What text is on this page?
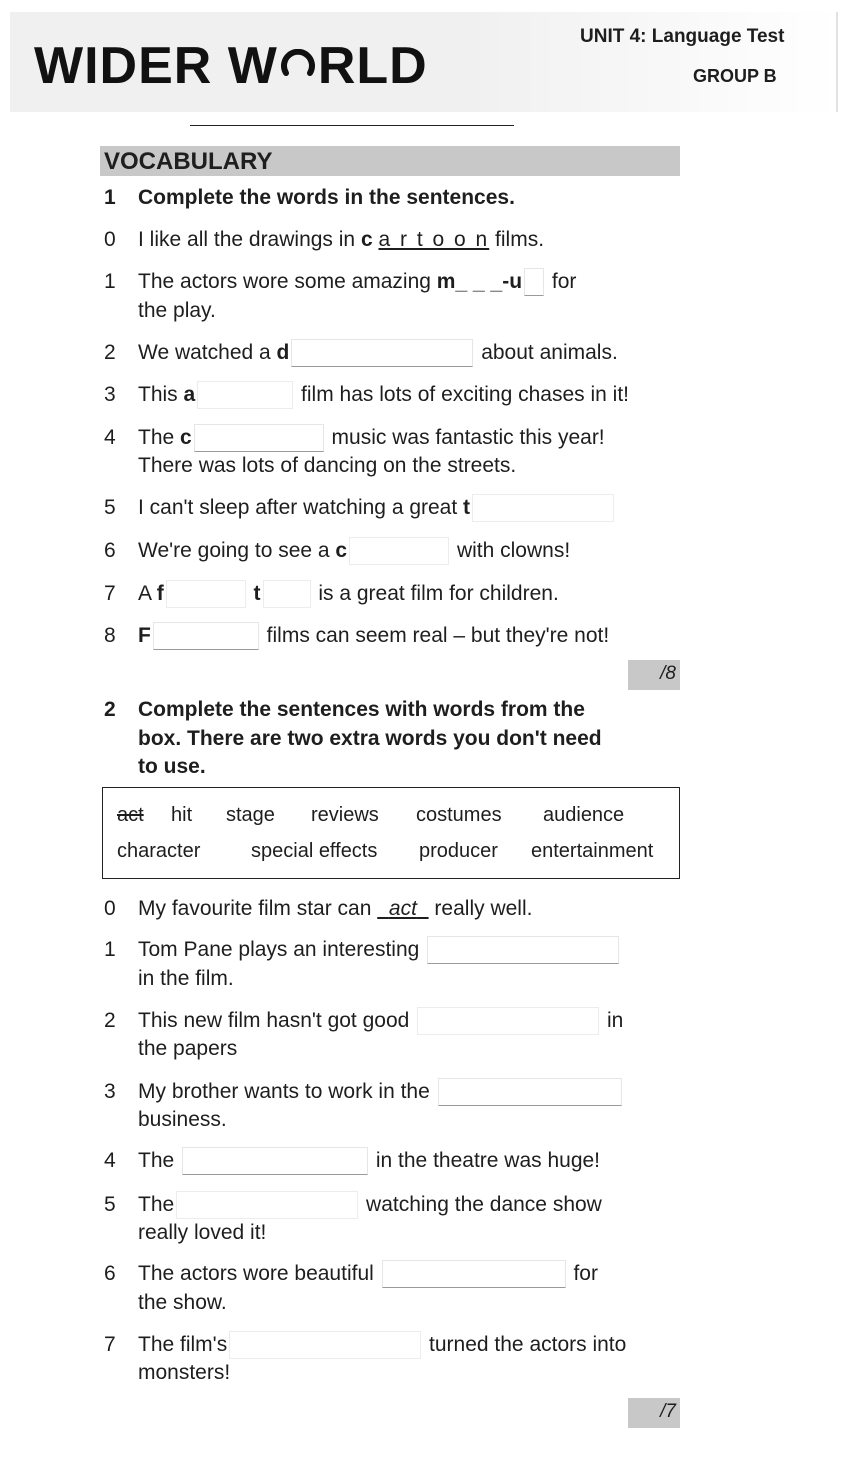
WIDER W RLD
UNIT 4: Language Test
GROUP B
VOCABULARY
1 Complete the words in the sentences.
0 I like all the drawings in c a r t o o n films.
1 The actors wore some amazing m_ _ _-u for
the play.
2 We watched a d	about animals.
3 This a	film has lots of exciting chases in it!
4 The c	music was fantastic this year!
There was lots of dancing on the streets.
5 I can't sleep after watching a great t
6 We're going to see a c	with clowns!
7 A f	t is a great film for children.
8 F	films can seem real – but they're not!
/8
2 Complete the sentences with words from the
box. There are two extra words you don't need
to use.
act hit stage reviews costumes audience
character	special effects producer entertainment
0 My favourite film star can   act   really well.
1 Tom Pane plays an interesting
in the film.
2 This new film hasn't got good	in
the papers
3 My brother wants to work in the
business.
4 The	in the theatre was huge!
5 The	watching the dance show
really loved it!
6 The actors wore beautiful	for
the show.
7 The film's	turned the actors into
monsters!
/7
